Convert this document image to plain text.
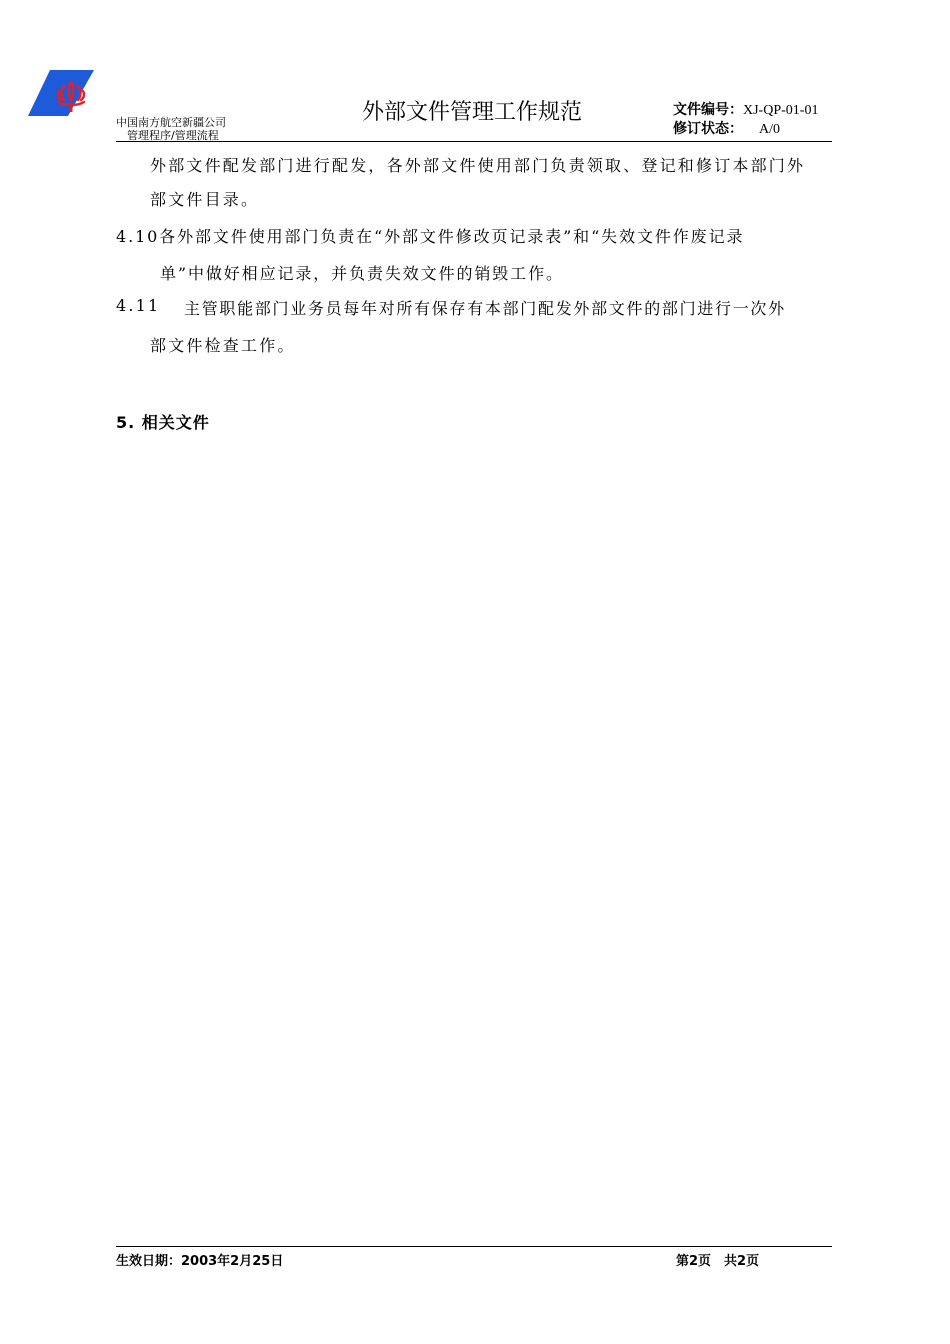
中国南方航空新疆公司
管理程序/管理流程
外部文件管理工作规范	文件编号：XJ-QP-01-01
修订状态： A/0
外部文件配发部门进行配发，各外部文件使用部门负责领取、登记和修订本部门外
部文件目录。
4.10各外部文件使用部门负责在“外部文件修改页记录表”和“失效文件作废记录
单”中做好相应记录，并负责失效文件的销毁工作。
4.11 主管职能部门业务员每年对所有保存有本部门配发外部文件的部门进行一次外
部文件检查工作。
5. 相关文件
生效日期：2003年2月25日	第2页　共2页
